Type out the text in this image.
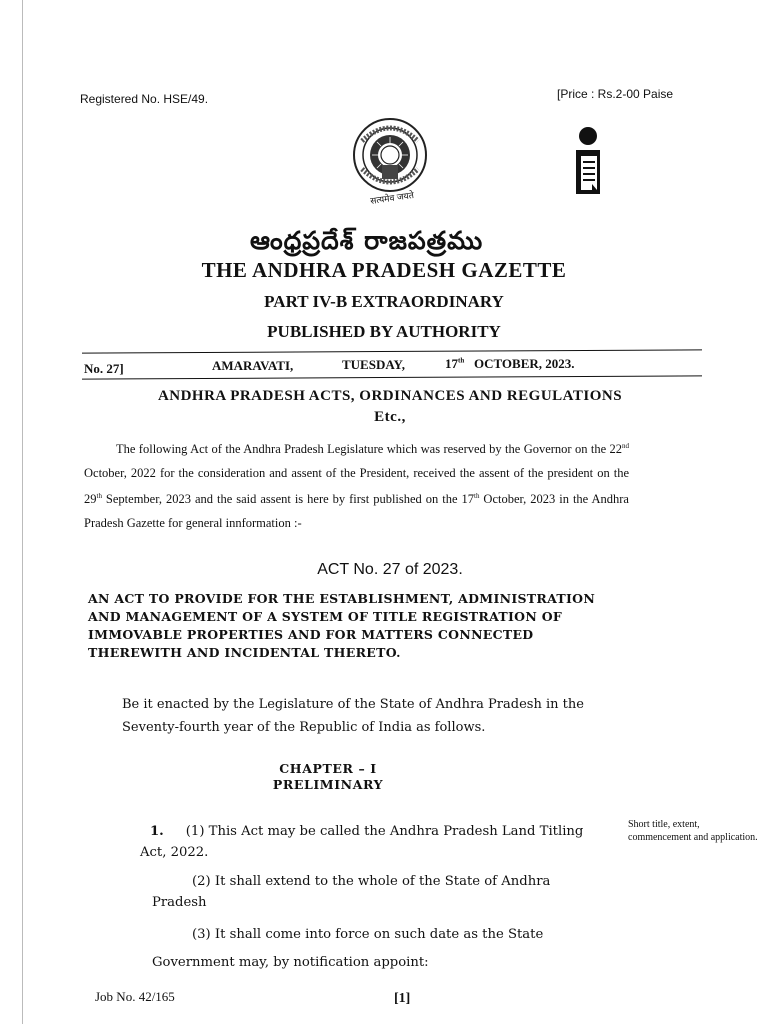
Registered No. HSE/49.	[Price : Rs.2-00 Paise
सत्यमेव जयते
ఆంధ్రప్రదేశ్ రాజపత్రము
THE ANDHRA PRADESH GAZETTE
PART IV-B EXTRAORDINARY
PUBLISHED BY AUTHORITY
No. 27]	AMARAVATI,	TUESDAY,	17th OCTOBER, 2023.
ANDHRA PRADESH ACTS, ORDINANCES AND REGULATIONS Etc.,

The following Act of the Andhra Pradesh Legislature which was reserved by the Governor on the 22nd October, 2022 for the consideration and assent of the President, received the assent of the president on the 29th September, 2023 and the said assent is here by first published on the 17th October, 2023 in the Andhra Pradesh Gazette for general innformation :-

ACT No. 27 of 2023.
AN ACT TO PROVIDE FOR THE ESTABLISHMENT, ADMINISTRATION AND MANAGEMENT OF A SYSTEM OF TITLE REGISTRATION OF IMMOVABLE PROPERTIES AND FOR MATTERS CONNECTED THEREWITH AND INCIDENTAL THERETO.
Be it enacted by the Legislature of the State of Andhra Pradesh in the Seventy-fourth year of the Republic of India as follows.
CHAPTER – I
PRELIMINARY
1. (1) This Act may be called the Andhra Pradesh Land Titling Act, 2022.
Short title, extent, commencement and application.
(2) It shall extend to the whole of the State of Andhra Pradesh
(3) It shall come into force on such date as the State Government may, by notification appoint:
Job No. 42/165	[1]
